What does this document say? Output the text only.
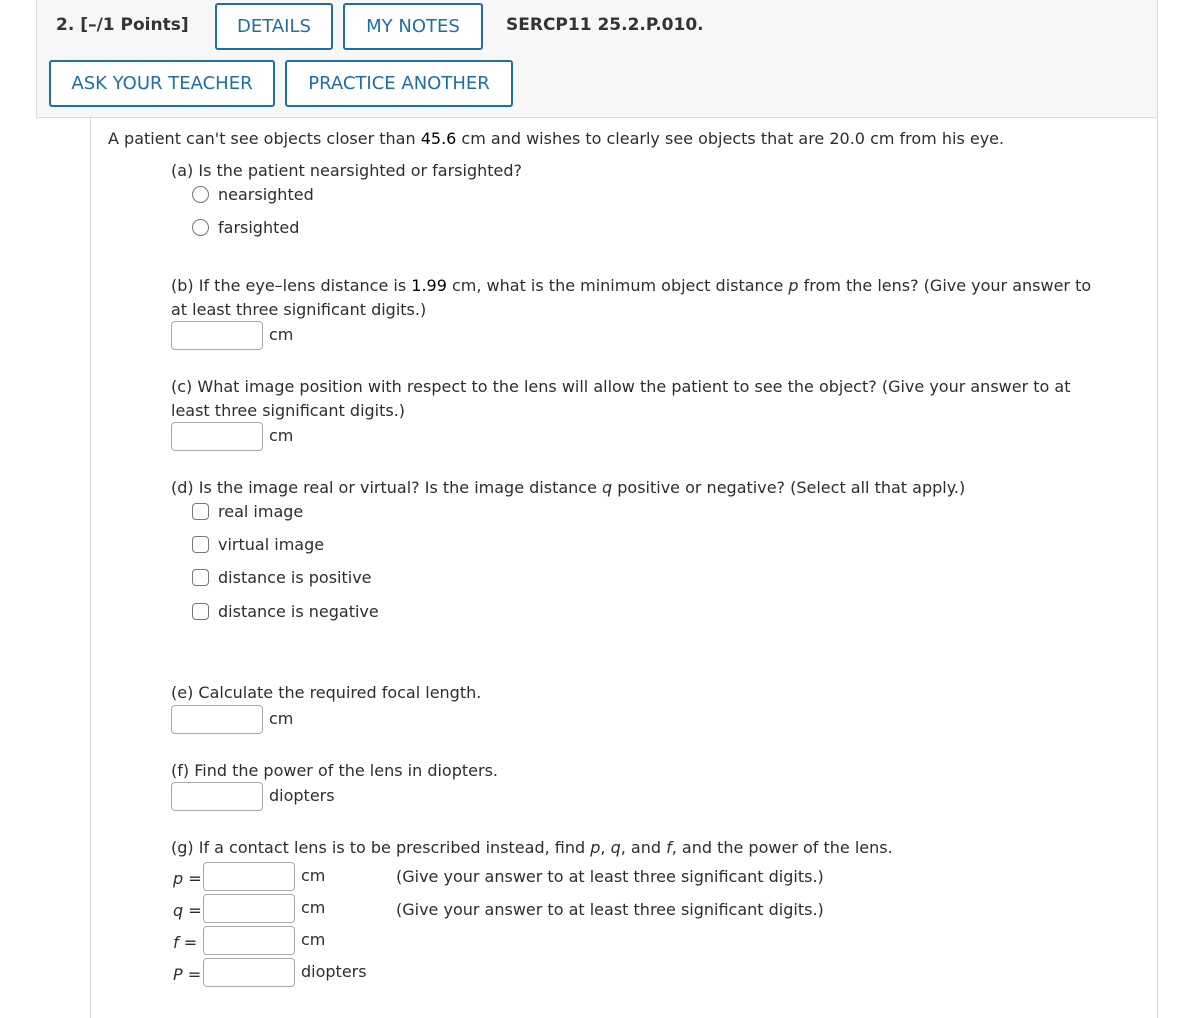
2. [–/1 Points]	DETAILS	MY NOTES	SERCP11 25.2.P.010.
ASK YOUR TEACHER	PRACTICE ANOTHER
A patient can't see objects closer than 45.6 cm and wishes to clearly see objects that are 20.0 cm from his eye.
(a) Is the patient nearsighted or farsighted?
nearsighted
farsighted
(b) If the eye–lens distance is 1.99 cm, what is the minimum object distance p from the lens? (Give your answer to at least three significant digits.)
cm
(c) What image position with respect to the lens will allow the patient to see the object? (Give your answer to at least three significant digits.)
cm
(d) Is the image real or virtual? Is the image distance q positive or negative? (Select all that apply.)
real image
virtual image
distance is positive
distance is negative
(e) Calculate the required focal length.
cm
(f) Find the power of the lens in diopters.
diopters
(g) If a contact lens is to be prescribed instead, find p, q, and f, and the power of the lens.
p =	cm	(Give your answer to at least three significant digits.)
q =	cm	(Give your answer to at least three significant digits.)
f =	cm
P =	diopters
